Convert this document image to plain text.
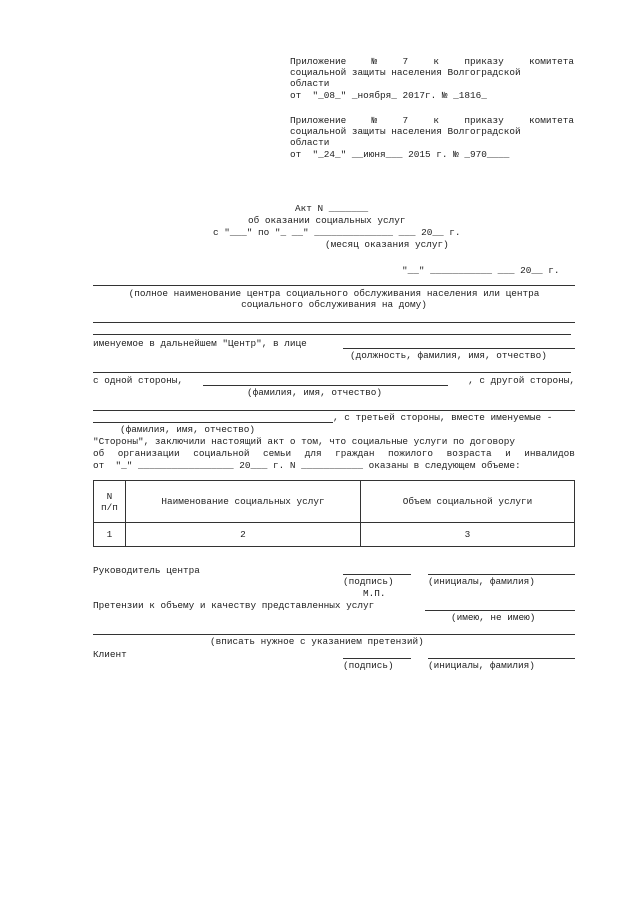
Приложение	№	7	к	приказу	комитета
социальной защиты населения Волгоградской
области
от  "_08_" _ноября_ 2017г. № _1816_
Приложение	№	7	к	приказу	комитета
социальной защиты населения Волгоградской
области
от  "_24_" __июня___ 2015 г. № _970____
Акт N _______
об оказании социальных услуг
с "___" по "_ __" ______________ ___ 20__ г.
(месяц оказания услуг)
"__" ___________ ___ 20__ г.
(полное наименование центра социального обслуживания населения или центра
социального обслуживания на дому)
именуемое в дальнейшем "Центр", в лице
(должность, фамилия, имя, отчество)
с одной стороны,	, с другой стороны,
(фамилия, имя, отчество)
, с третьей стороны, вместе именуемые -
(фамилия, имя, отчество)
"Стороны", заключили настоящий акт о том, что социальные услуги по договору
об организации социальной семьи для граждан пожилого возраста и инвалидов
от  "_" _________________ 20___ г. N ___________ оказаны в следующем объеме:
N
п/п	Наименование социальных услуг	Объем социальной услуги
1	2	3
Руководитель центра
(подпись)	(инициалы, фамилия)
М.П.
Претензии к объему и качеству представленных услуг
(имею, не имею)
(вписать нужное с указанием претензий)
Клиент
(подпись)	(инициалы, фамилия)
